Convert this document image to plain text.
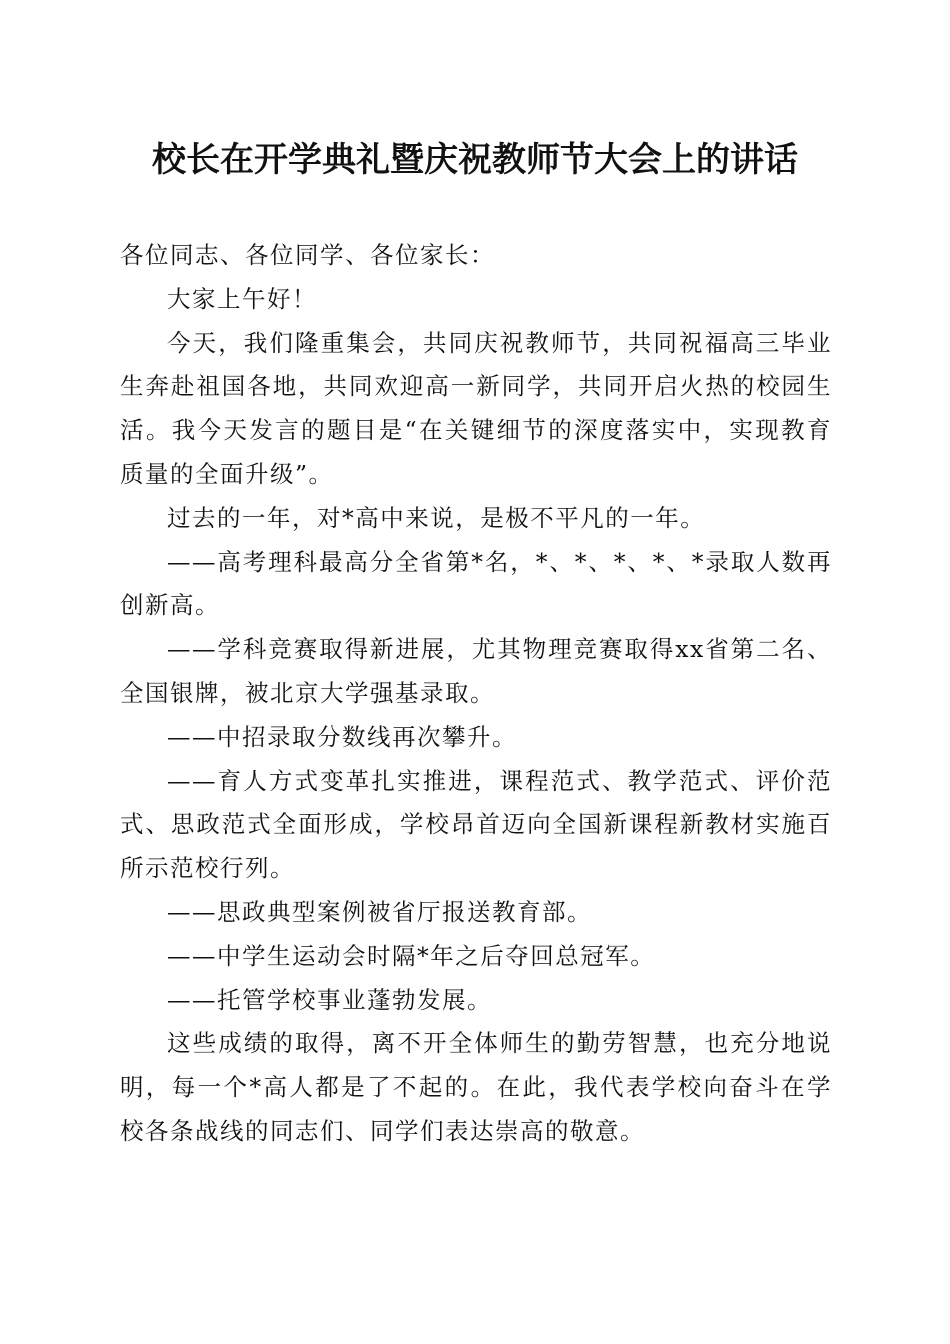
校长在开学典礼暨庆祝教师节大会上的讲话

各位同志、各位同学、各位家长：

大家上午好！

今天，我们隆重集会，共同庆祝教师节，共同祝福高三毕业生奔赴祖国各地，共同欢迎高一新同学，共同开启火热的校园生活。我今天发言的题目是“在关键细节的深度落实中，实现教育质量的全面升级”。

过去的一年，对*高中来说，是极不平凡的一年。

——高考理科最高分全省第*名，*、*、*、*、*录取人数再创新高。

——学科竞赛取得新进展，尤其物理竞赛取得xx省第二名、全国银牌，被北京大学强基录取。

——中招录取分数线再次攀升。

——育人方式变革扎实推进，课程范式、教学范式、评价范式、思政范式全面形成，学校昂首迈向全国新课程新教材实施百所示范校行列。

——思政典型案例被省厅报送教育部。

——中学生运动会时隔*年之后夺回总冠军。

——托管学校事业蓬勃发展。

这些成绩的取得，离不开全体师生的勤劳智慧，也充分地说明，每一个*高人都是了不起的。在此，我代表学校向奋斗在学校各条战线的同志们、同学们表达崇高的敬意。
